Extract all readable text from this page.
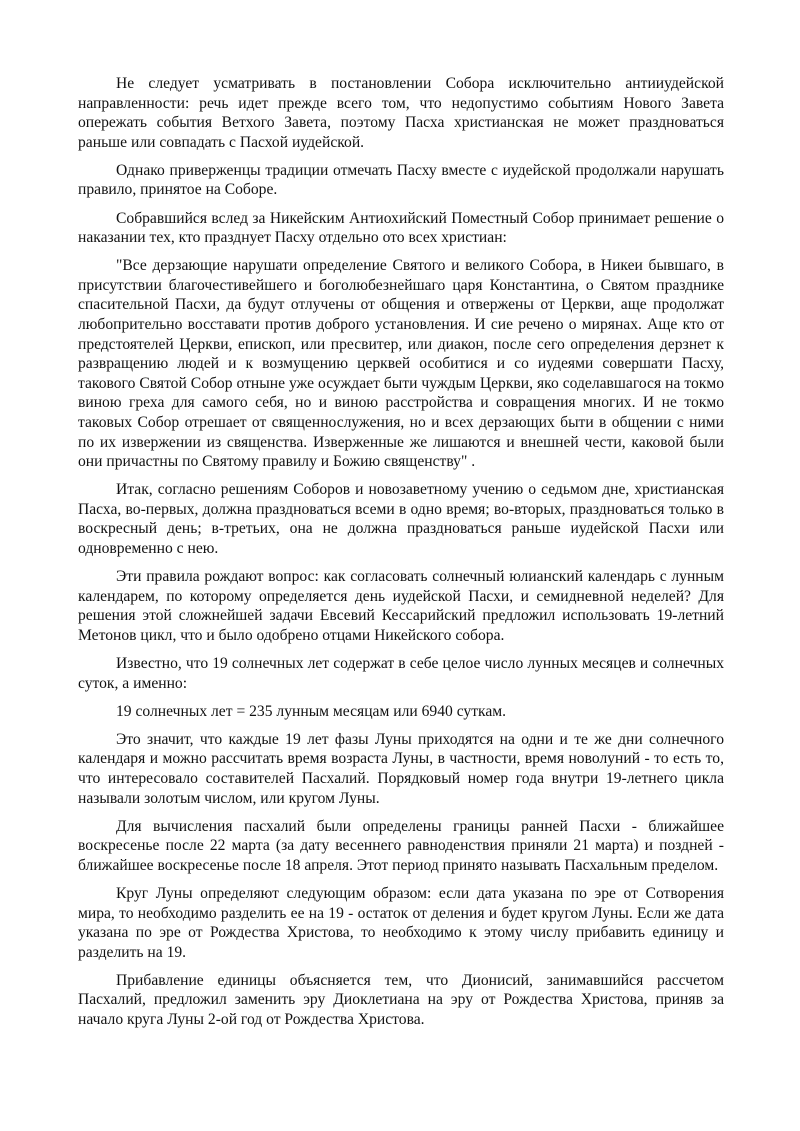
Не следует усматривать в постановлении Собора исключительно антииудейской направленности: речь идет прежде всего том, что недопустимо событиям Нового Завета опережать события Ветхого Завета, поэтому Пасха христианская не может праздноваться раньше или совпадать с Пасхой иудейской.

Однако приверженцы традиции отмечать Пасху вместе с иудейской продолжали нарушать правило, принятое на Соборе.

Собравшийся вслед за Никейским Антиохийский Поместный Собор принимает решение о наказании тех, кто празднует Пасху отдельно ото всех христиан:

"Все дерзающие нарушати определение Святого и великого Собора, в Никеи бывшаго, в присутствии благочестивейшего и боголюбезнейшаго царя Константина, о Святом празднике спасительной Пасхи, да будут отлучены от общения и отвержены от Церкви, аще продолжат любопрительно восставати против доброго установления. И сие речено о мирянах. Аще кто от предстоятелей Церкви, епископ, или пресвитер, или диакон, после сего определения дерзнет к развращению людей и к возмущению церквей особитися и со иудеями совершати Пасху, такового Святой Собор отныне уже осуждает быти чуждым Церкви, яко соделавшагося на токмо виною греха для самого себя, но и виною расстройства и совращения многих. И не токмо таковых Собор отрешает от священнослужения, но и всех дерзающих быти в общении с ними по их извержении из священства. Изверженные же лишаются и внешней чести, каковой были они причастны по Святому правилу и Божию священству" .

Итак, согласно решениям Соборов и новозаветному учению о седьмом дне, христианская Пасха, во-первых, должна праздноваться всеми в одно время; во-вторых, праздноваться только в воскресный день; в-третьих, она не должна праздноваться раньше иудейской Пасхи или одновременно с нею.

Эти правила рождают вопрос: как согласовать солнечный юлианский календарь с лунным календарем, по которому определяется день иудейской Пасхи, и семидневной неделей? Для решения этой сложнейшей задачи Евсевий Кессарийский предложил использовать 19-летний Метонов цикл, что и было одобрено отцами Никейского собора.

Известно, что 19 солнечных лет содержат в себе целое число лунных месяцев и солнечных суток, а именно:

19 солнечных лет = 235 лунным месяцам или 6940 суткам.

Это значит, что каждые 19 лет фазы Луны приходятся на одни и те же дни солнечного календаря и можно рассчитать время возраста Луны, в частности, время новолуний - то есть то, что интересовало составителей Пасхалий. Порядковый номер года внутри 19-летнего цикла называли золотым числом, или кругом Луны.

Для вычисления пасхалий были определены границы ранней Пасхи - ближайшее воскресенье после 22 марта (за дату весеннего равноденствия приняли 21 марта) и поздней - ближайшее воскресенье после 18 апреля. Этот период принято называть Пасхальным пределом.

Круг Луны определяют следующим образом: если дата указана по эре от Сотворения мира, то необходимо разделить ее на 19 - остаток от деления и будет кругом Луны. Если же дата указана по эре от Рождества Христова, то необходимо к этому числу прибавить единицу и разделить на 19.

Прибавление единицы объясняется тем, что Дионисий, занимавшийся рассчетом Пасхалий, предложил заменить эру Диоклетиана на эру от Рождества Христова, приняв за начало круга Луны 2-ой год от Рождества Христова.
